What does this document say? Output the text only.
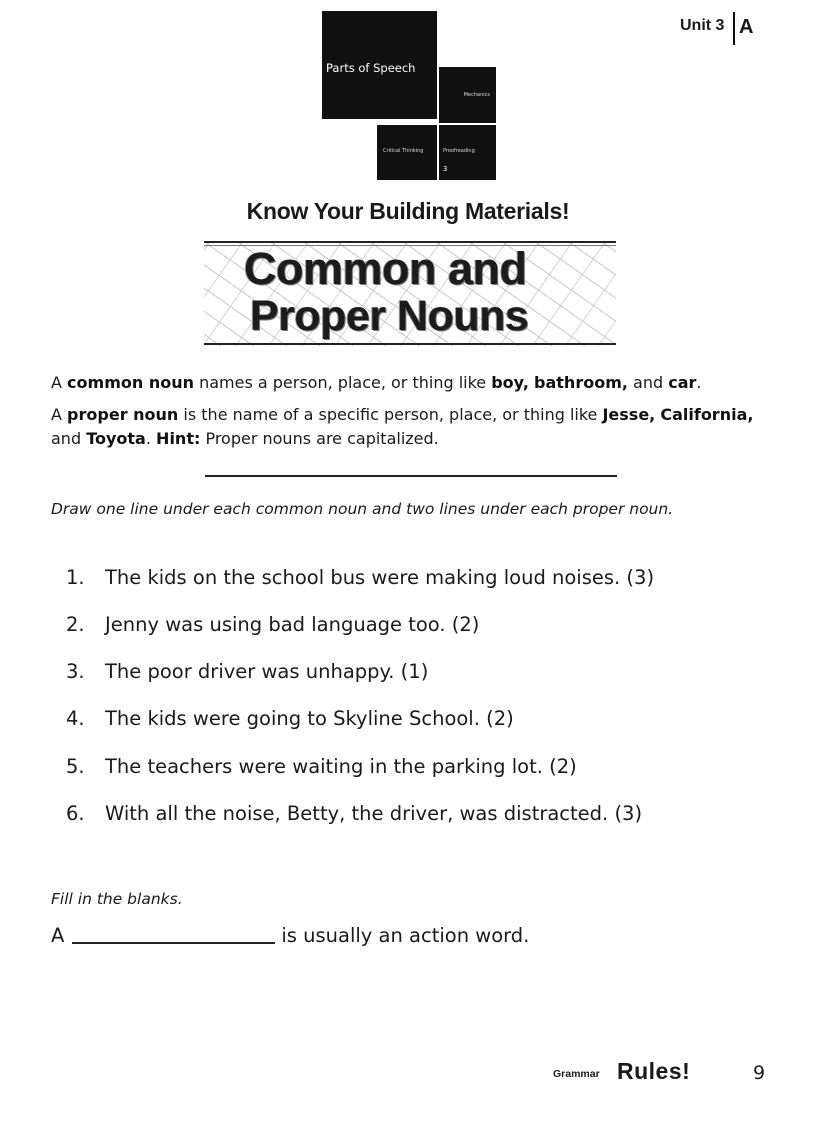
Parts of Speech
Mechanics
Critical Thinking	Proofreading
3
Unit 3 A
Know Your Building Materials!
Common and
Proper Nouns
A common noun names a person, place, or thing like boy, bathroom, and car.
A proper noun is the name of a specific person, place, or thing like Jesse, California, and Toyota. Hint: Proper nouns are capitalized.
Draw one line under each common noun and two lines under each proper noun.
1. The kids on the school bus were making loud noises. (3)
2. Jenny was using bad language too. (2)
3. The poor driver was unhappy. (1)
4. The kids were going to Skyline School. (2)
5. The teachers were waiting in the parking lot. (2)
6. With all the noise, Betty, the driver, was distracted. (3)
Fill in the blanks.
A	is usually an action word.
Grammar Rules!	9
